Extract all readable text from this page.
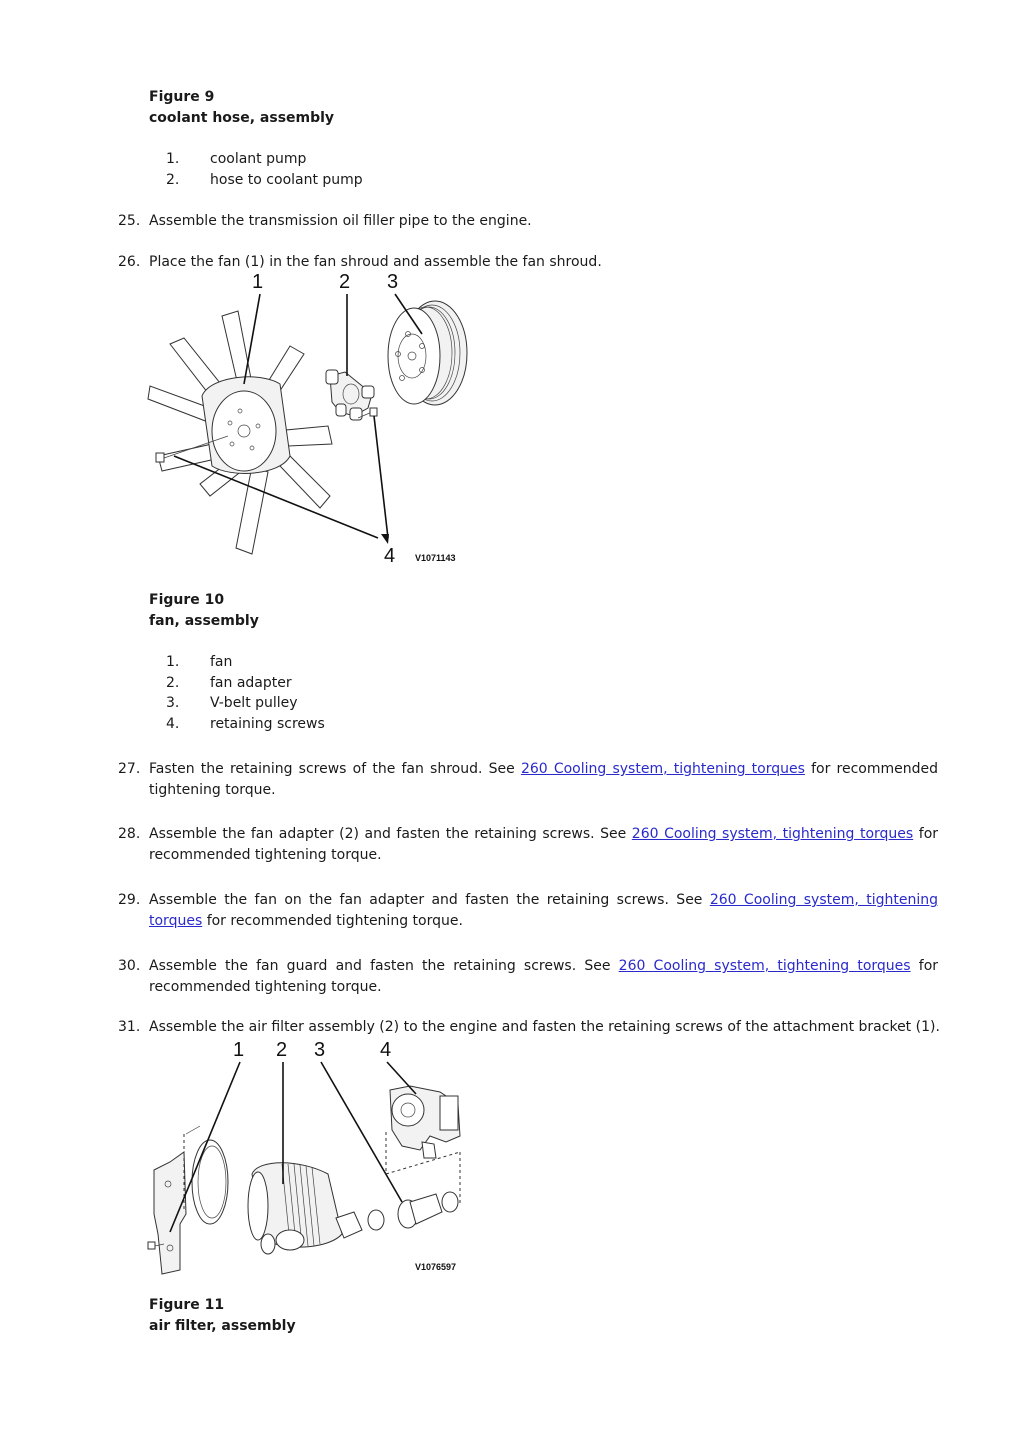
Figure 9
coolant hose, assembly
1. coolant pump
2. hose to coolant pump
25. Assemble the transmission oil filler pipe to the engine.
26. Place the fan (1) in the fan shroud and assemble the fan shroud.
1	2 3
4 V1071143
Figure 10
fan, assembly
1. fan
2. fan adapter
3. V-belt pulley
4. retaining screws
27. Fasten the retaining screws of the fan shroud. See 260 Cooling system, tightening torques for recommended tightening torque.
28. Assemble the fan adapter (2) and fasten the retaining screws. See 260 Cooling system, tightening torques for recommended tightening torque.
29. Assemble the fan on the fan adapter and fasten the retaining screws. See 260 Cooling system, tightening torques for recommended tightening torque.
30. Assemble the fan guard and fasten the retaining screws. See 260 Cooling system, tightening torques for recommended tightening torque.
31. Assemble the air filter assembly (2) to the engine and fasten the retaining screws of the attachment bracket (1).
1 2 3	4
V1076597
Figure 11
air filter, assembly
